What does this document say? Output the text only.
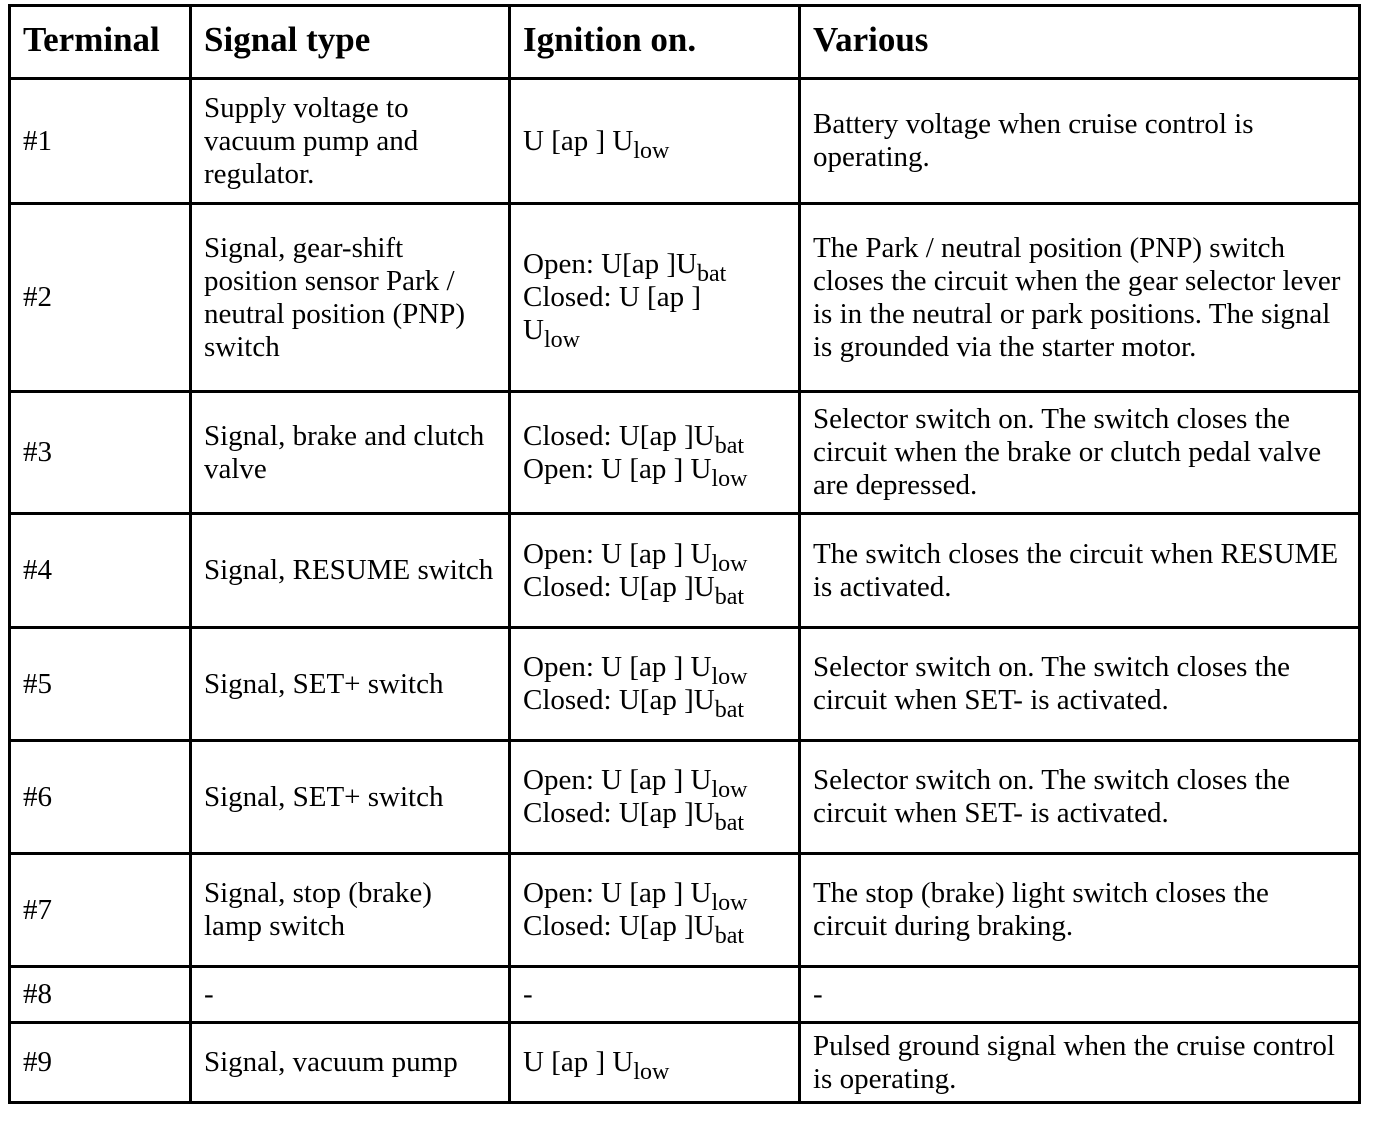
Terminal	Signal type	Ignition on.	Various
#1	Supply voltage to
vacuum pump and
regulator.	U [ap ] $U_{low}$	Battery voltage when cruise control is operating.
#2	Signal, gear-shift position sensor Park / neutral position (PNP) switch	Open: U[ap ]$U_{bat}$
Closed: U [ap ]
$U_{low}$	The Park / neutral position (PNP) switch closes the circuit when the gear selector lever is in the neutral or park positions. The signal is grounded via the starter motor.
#3	Signal, brake and clutch valve	Closed: U[ap ]$U_{bat}$
Open: U [ap ] $U_{low}$	Selector switch on. The switch closes the circuit when the brake or clutch pedal valve are depressed.
#4	Signal, RESUME switch	Open: U [ap ] $U_{low}$
Closed: U[ap ]$U_{bat}$	The switch closes the circuit when RESUME is activated.
#5	Signal, SET+ switch	Open: U [ap ] $U_{low}$
Closed: U[ap ]$U_{bat}$	Selector switch on. The switch closes the circuit when SET- is activated.
#6	Signal, SET+ switch	Open: U [ap ] $U_{low}$
Closed: U[ap ]$U_{bat}$	Selector switch on. The switch closes the circuit when SET- is activated.
#7	Signal, stop (brake) lamp switch	Open: U [ap ] $U_{low}$
Closed: U[ap ]$U_{bat}$	The stop (brake) light switch closes the circuit during braking.
#8	-	-	-
#9	Signal, vacuum pump	U [ap ] $U_{low}$	Pulsed ground signal when the cruise control is operating.
